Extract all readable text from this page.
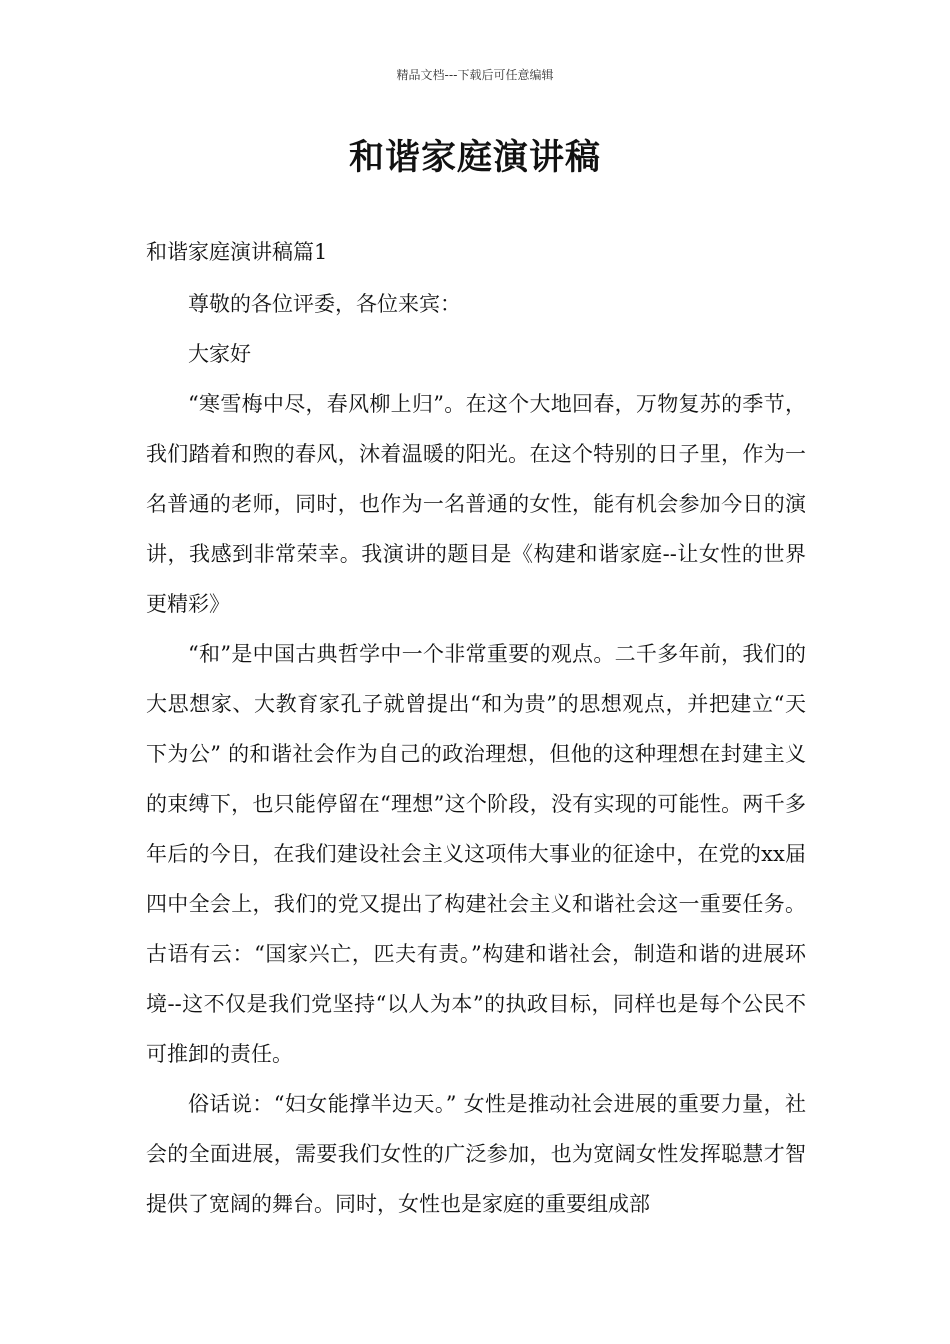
精品文档---下载后可任意编辑
和谐家庭演讲稿
和谐家庭演讲稿篇1

尊敬的各位评委，各位来宾：

大家好

“寒雪梅中尽，春风柳上归”。在这个大地回春，万物复苏的季节，我们踏着和煦的春风，沐着温暖的阳光。在这个特别的日子里，作为一名普通的老师，同时，也作为一名普通的女性，能有机会参加今日的演讲，我感到非常荣幸。我演讲的题目是《构建和谐家庭--让女性的世界更精彩》

“和”是中国古典哲学中一个非常重要的观点。二千多年前，我们的大思想家、大教育家孔子就曾提出“和为贵”的思想观点，并把建立“天下为公” 的和谐社会作为自己的政治理想，但他的这种理想在封建主义的束缚下，也只能停留在“理想”这个阶段，没有实现的可能性。两千多年后的今日，在我们建设社会主义这项伟大事业的征途中，在党的xx届四中全会上，我们的党又提出了构建社会主义和谐社会这一重要任务。古语有云：“国家兴亡，匹夫有责。”构建和谐社会，制造和谐的进展环境--这不仅是我们党坚持“以人为本”的执政目标，同样也是每个公民不可推卸的责任。

俗话说：“妇女能撑半边天。” 女性是推动社会进展的重要力量，社会的全面进展，需要我们女性的广泛参加，也为宽阔女性发挥聪慧才智提供了宽阔的舞台。同时，女性也是家庭的重要组成部
